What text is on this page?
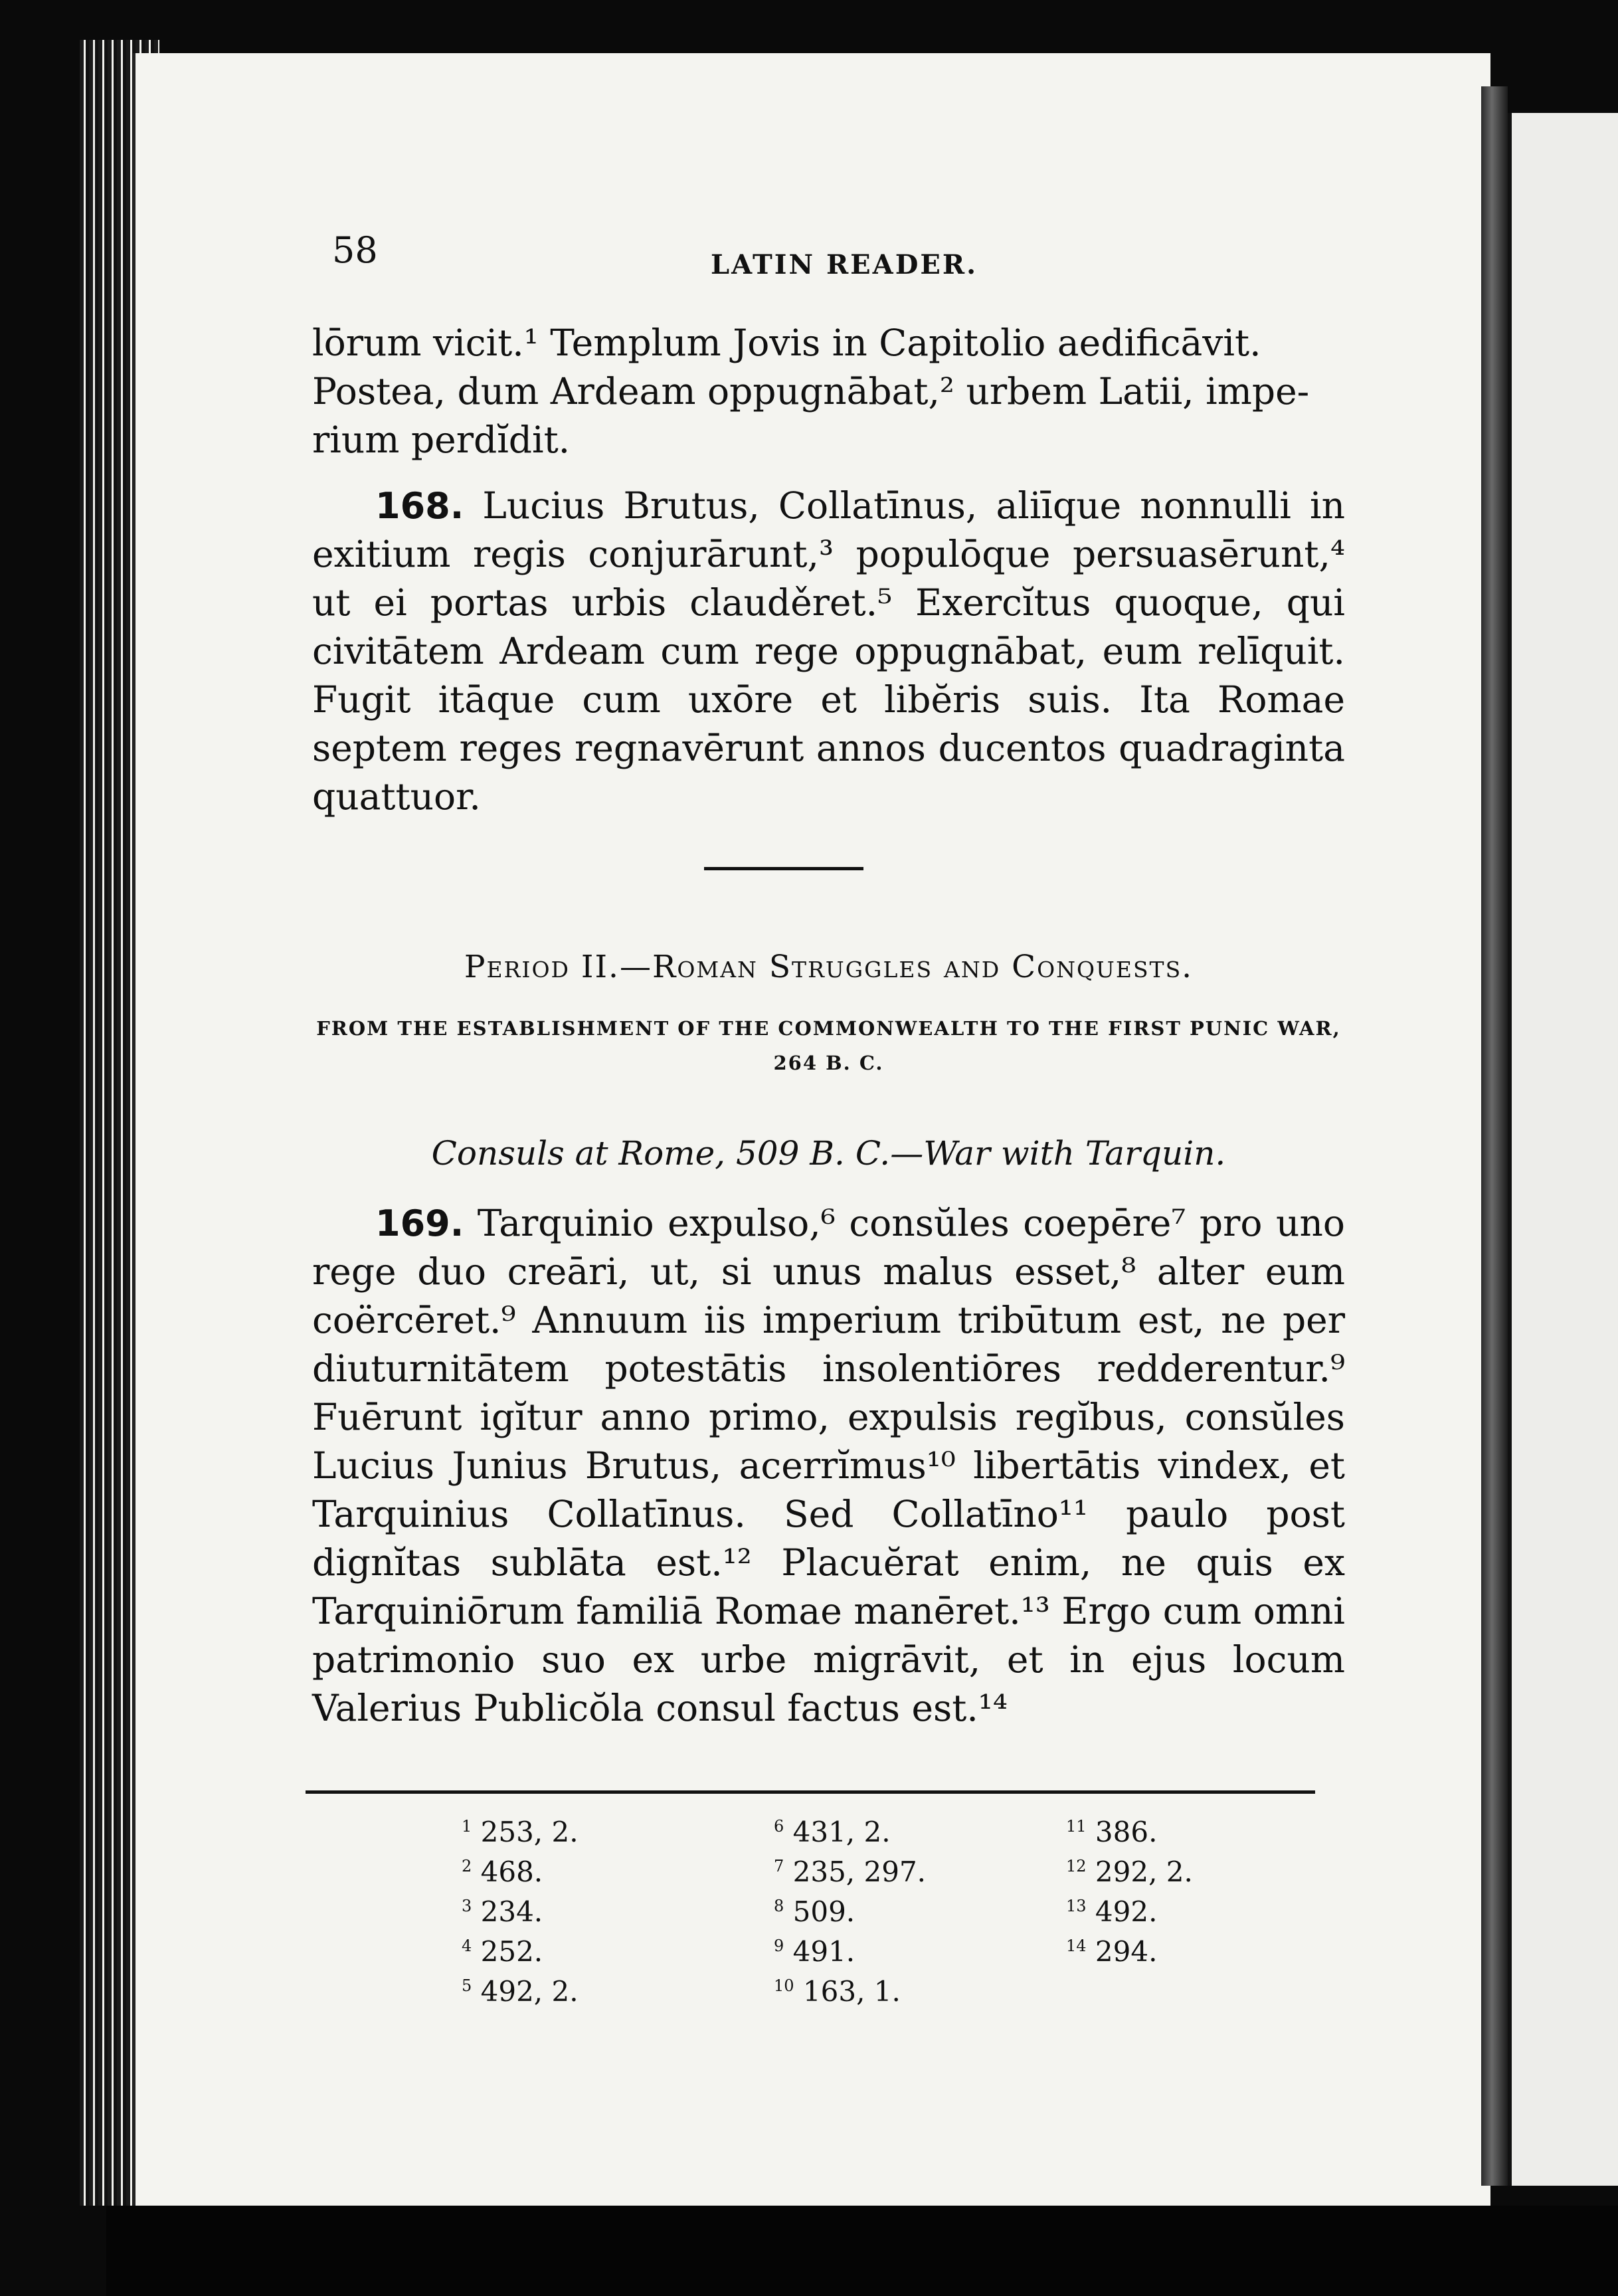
58	LATIN READER.

lōrum vicit.¹ Templum Jovis in Capitolio aedificāvit.

Postea, dum Ardeam oppugnābat,² urbem Latii, impe-

rium perdĭdit.

168. Lucius Brutus, Collatīnus, aliīque nonnulli in exitium regis conjurārunt,³ populōque persuasērunt,⁴ ut ei portas urbis clauděret.⁵ Exercĭtus quoque, qui civitātem Ardeam cum rege oppugnābat, eum relīquit. Fugit itāque cum uxōre et libĕris suis. Ita Romae septem reges regnavērunt annos ducentos quadraginta quattuor.

Period II.—Roman Struggles and Conquests.
FROM THE ESTABLISHMENT OF THE COMMONWEALTH TO THE FIRST PUNIC WAR,
264 B. C.
Consuls at Rome, 509 B. C.—War with Tarquin.

169. Tarquinio expulso,⁶ consŭles coepēre⁷ pro uno rege duo creāri, ut, si unus malus esset,⁸ alter eum coërcēret.⁹ Annuum iis imperium tribūtum est, ne per diuturnitātem potestātis insolentiōres redderentur.⁹ Fuērunt igĭtur anno primo, expulsis regĭbus, consŭles Lucius Junius Brutus, acerrĭmus¹⁰ libertātis vindex, et Tarquinius Collatīnus. Sed Collatīno¹¹ paulo post dignĭtas sublāta est.¹² Placuĕrat enim, ne quis ex Tarquiniōrum familiā Romae manēret.¹³ Ergo cum omni patrimonio suo ex urbe migrāvit, et in ejus locum Valerius Publicŏla consul factus est.¹⁴

$^1$ 253, 2.
$^2$ 468.
$^3$ 234.
$^4$ 252.
$^5$ 492, 2.
$^6$ 431, 2.
$^7$ 235, 297.
$^8$ 509.
$^9$ 491.
$^{10}$ 163, 1.
$^{11}$ 386.
$^{12}$ 292, 2.
$^{13}$ 492.
$^{14}$ 294.
